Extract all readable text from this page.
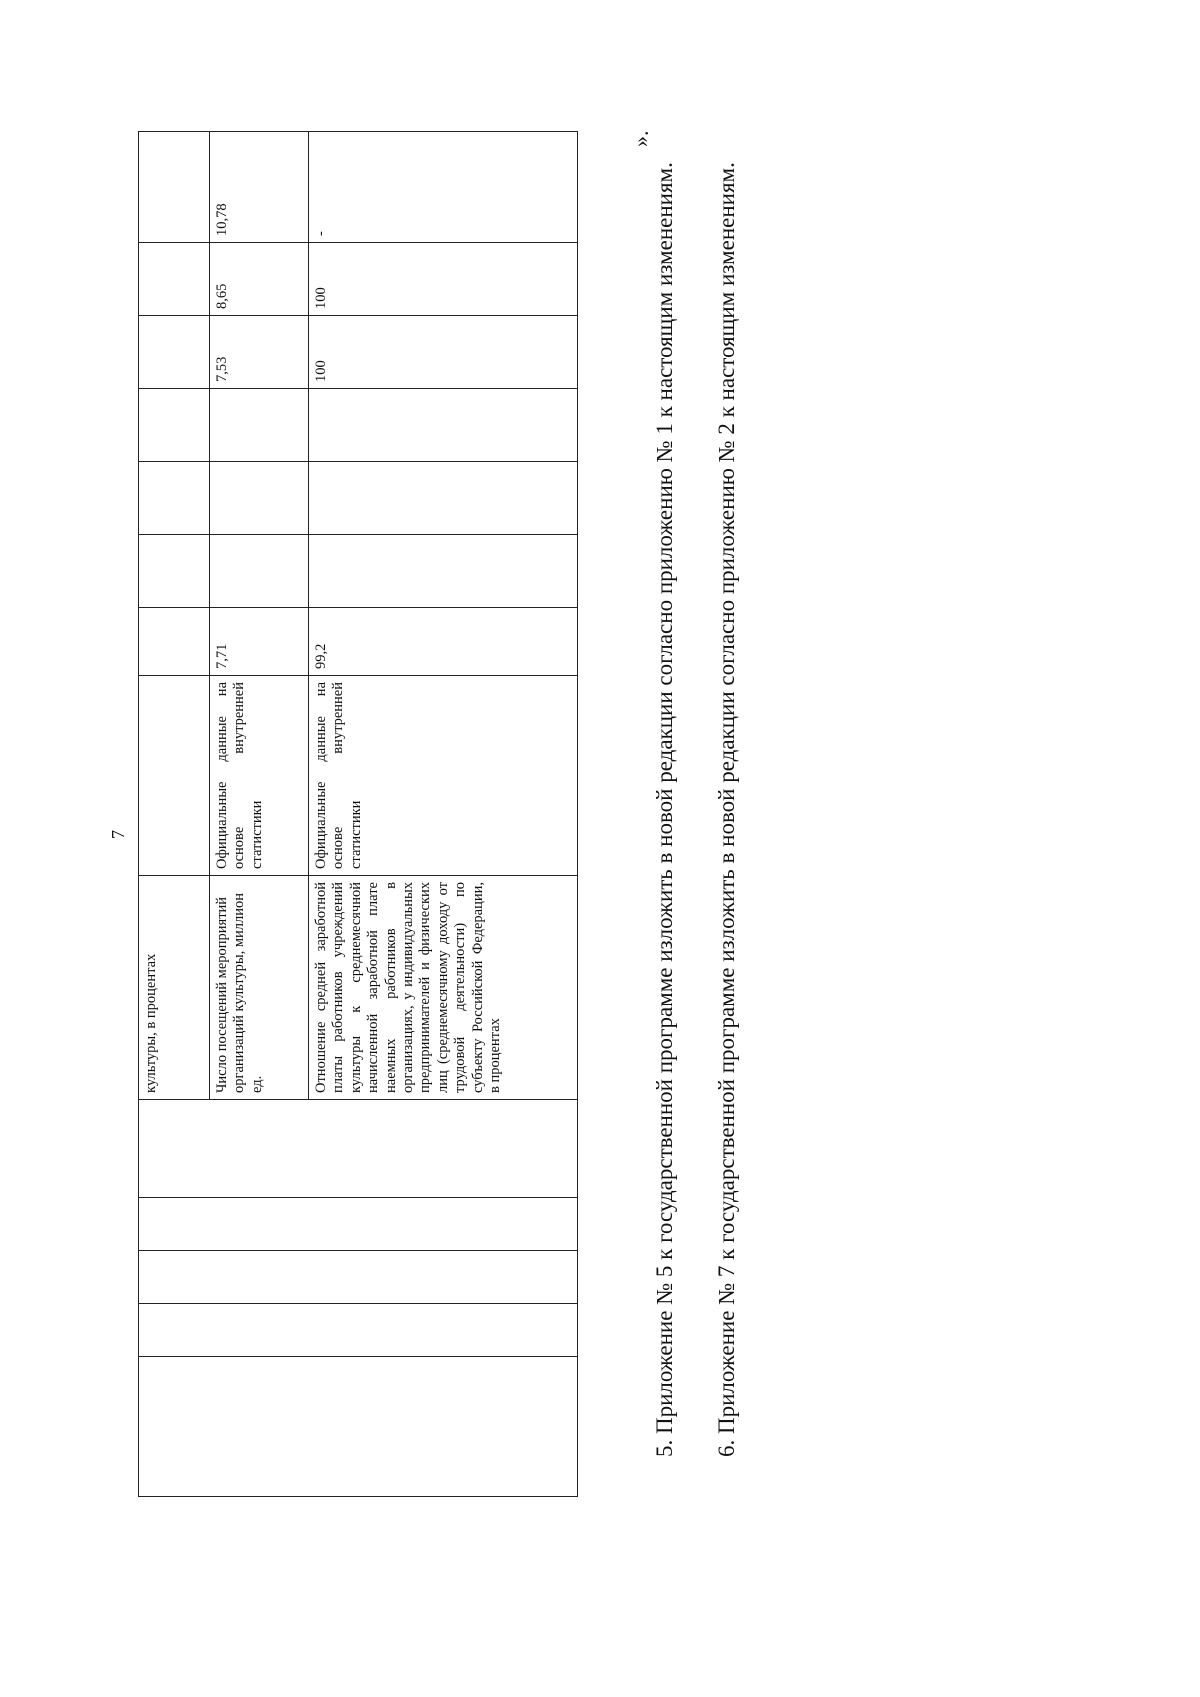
7
					культуры, в процентах								
					Число посещений мероприятий организаций культуры, миллион ед.	Официальные данные на основе внутренней статистики	7,71				7,53	8,65	10,78
					Отношение средней заработной платы работников учреждений культуры к среднемесячной начисленной заработной плате наемных работников в организациях, у индивидуальных предпринимателей и физических лиц (среднемесячному доходу от трудовой деятельности) по субъекту Российской Федерации, в процентах	Официальные данные на основе внутренней статистики	99,2				100	100	-
».
5. Приложение № 5 к государственной программе изложить в новой редакции согласно приложению № 1 к настоящим изменениям. 6. Приложение № 7 к государственной программе изложить в новой редакции согласно приложению № 2 к настоящим изменениям.
